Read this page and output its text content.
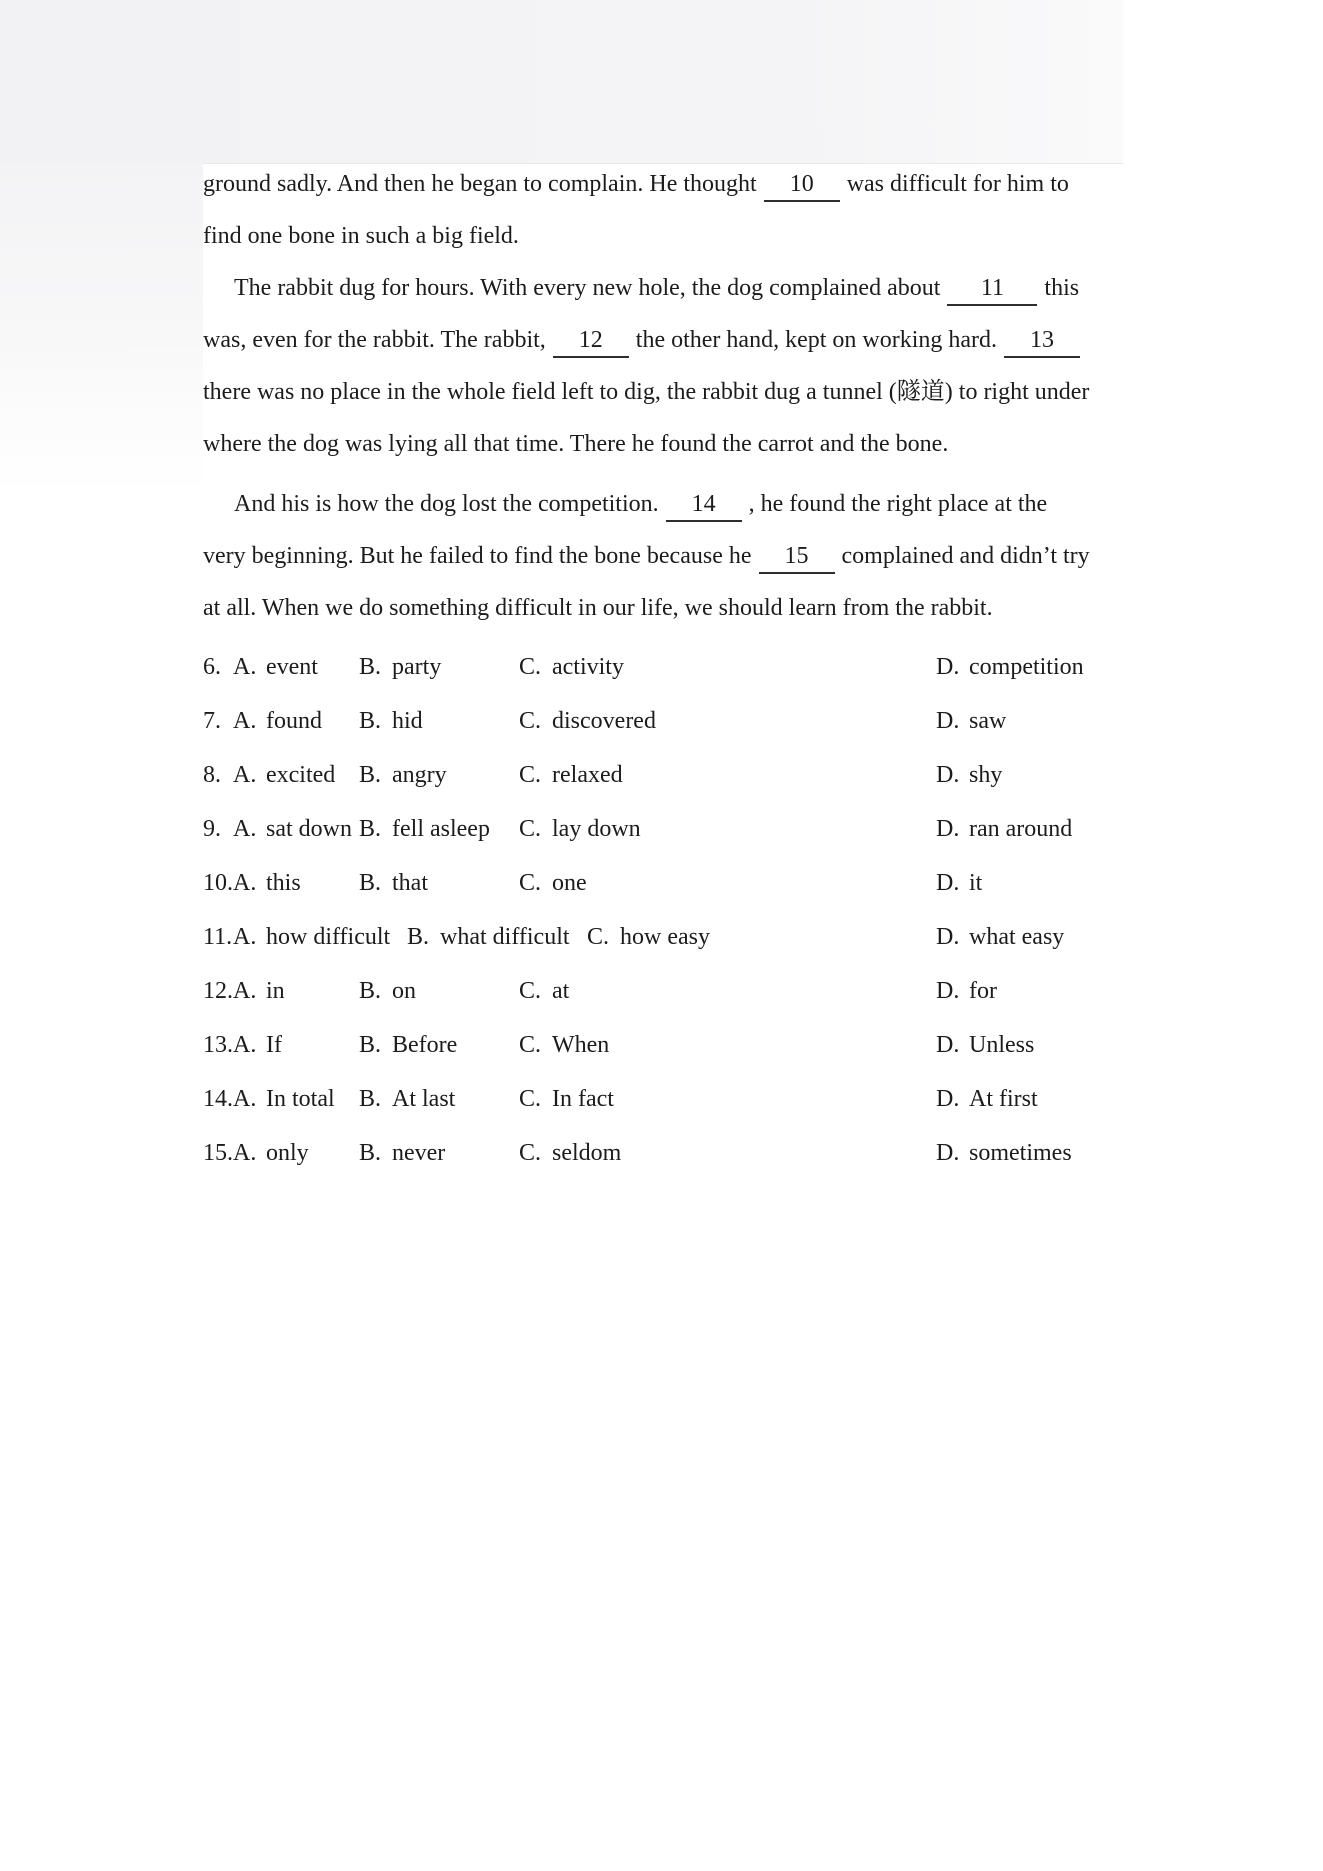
ground sadly. And then he began to complain. He thought 10 was difficult for him to
find one bone in such a big field.
The rabbit dug for hours. With every new hole, the dog complained about 11 this
was, even for the rabbit. The rabbit, 12 the other hand, kept on working hard. 13
there was no place in the whole field left to dig, the rabbit dug a tunnel (隧道) to right under
where the dog was lying all that time. There he found the carrot and the bone.
And his is how the dog lost the competition. 14 , he found the right place at the
very beginning. But he failed to find the bone because he 15 complained and didn’t try
at all. When we do something difficult in our life, we should learn from the rabbit.
6. A. event B. party	C. activity	D. competition
7. A. found B. hid	C. discovered	D. saw
8. A. excited B. angry	C. relaxed	D. shy
9. A. sat down B. fell asleep C. lay down	D. ran around
10.A. this B. that	C. one	D. it
11.A. how difficult B. what difficult C. how easy	D. what easy
12.A. in	B. on	C. at	D. for
13.A. If	B. Before	C. When	D. Unless
14.A. In total B. At last	C. In fact	D. At first
15.A. only B. never	C. seldom	D. sometimes
